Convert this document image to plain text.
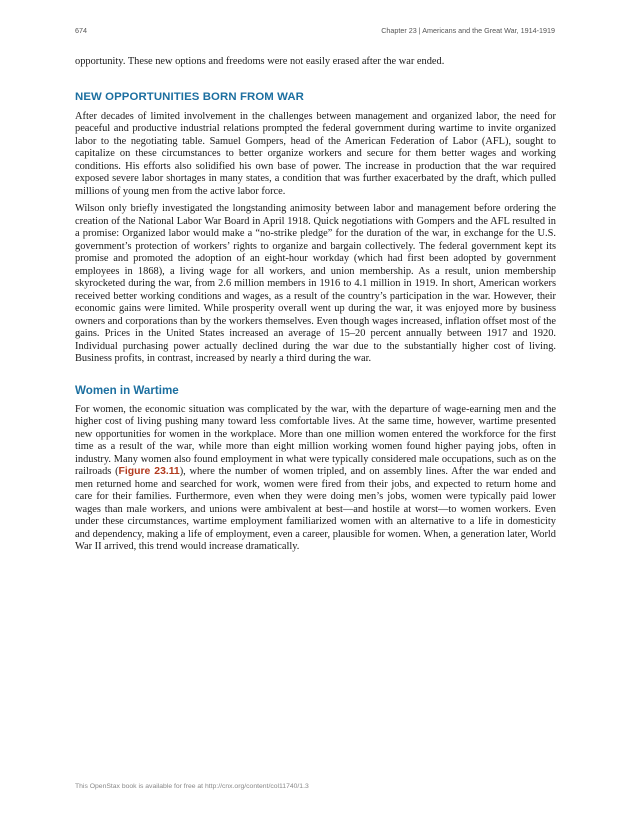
674	Chapter 23 | Americans and the Great War, 1914-1919

opportunity. These new options and freedoms were not easily erased after the war ended.

NEW OPPORTUNITIES BORN FROM WAR

After decades of limited involvement in the challenges between management and organized labor, the need for peaceful and productive industrial relations prompted the federal government during wartime to invite organized labor to the negotiating table. Samuel Gompers, head of the American Federation of Labor (AFL), sought to capitalize on these circumstances to better organize workers and secure for them better wages and working conditions. His efforts also solidified his own base of power. The increase in production that the war required exposed severe labor shortages in many states, a condition that was further exacerbated by the draft, which pulled millions of young men from the active labor force.

Wilson only briefly investigated the longstanding animosity between labor and management before ordering the creation of the National Labor War Board in April 1918. Quick negotiations with Gompers and the AFL resulted in a promise: Organized labor would make a “no-strike pledge” for the duration of the war, in exchange for the U.S. government’s protection of workers’ rights to organize and bargain collectively. The federal government kept its promise and promoted the adoption of an eight-hour workday (which had first been adopted by government employees in 1868), a living wage for all workers, and union membership. As a result, union membership skyrocketed during the war, from 2.6 million members in 1916 to 4.1 million in 1919. In short, American workers received better working conditions and wages, as a result of the country’s participation in the war. However, their economic gains were limited. While prosperity overall went up during the war, it was enjoyed more by business owners and corporations than by the workers themselves. Even though wages increased, inflation offset most of the gains. Prices in the United States increased an average of 15–20 percent annually between 1917 and 1920. Individual purchasing power actually declined during the war due to the substantially higher cost of living. Business profits, in contrast, increased by nearly a third during the war.

Women in Wartime

For women, the economic situation was complicated by the war, with the departure of wage-earning men and the higher cost of living pushing many toward less comfortable lives. At the same time, however, wartime presented new opportunities for women in the workplace. More than one million women entered the workforce for the first time as a result of the war, while more than eight million working women found higher paying jobs, often in industry. Many women also found employment in what were typically considered male occupations, such as on the railroads (Figure 23.11), where the number of women tripled, and on assembly lines. After the war ended and men returned home and searched for work, women were fired from their jobs, and expected to return home and care for their families. Furthermore, even when they were doing men’s jobs, women were typically paid lower wages than male workers, and unions were ambivalent at best—and hostile at worst—to women workers. Even under these circumstances, wartime employment familiarized women with an alternative to a life in domesticity and dependency, making a life of employment, even a career, plausible for women. When, a generation later, World War II arrived, this trend would increase dramatically.

This OpenStax book is available for free at http://cnx.org/content/col11740/1.3
